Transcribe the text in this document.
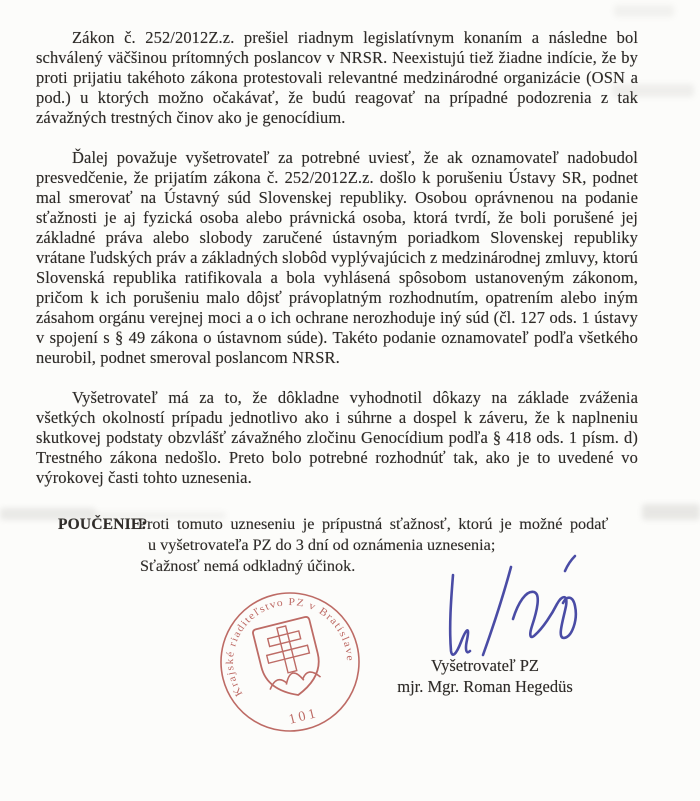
Zákon č. 252/2012Z.z. prešiel riadnym legislatívnym konaním a následne bol schválený väčšinou prítomných poslancov v NRSR. Neexistujú tiež žiadne indície, že by proti prijatiu takéhoto zákona protestovali relevantné medzinárodné organizácie (OSN a pod.) u ktorých možno očakávať, že budú reagovať na prípadné podozrenia z tak závažných trestných činov ako je genocídium.

Ďalej považuje vyšetrovateľ za potrebné uviesť, že ak oznamovateľ nadobudol presvedčenie, že prijatím zákona č. 252/2012Z.z. došlo k porušeniu Ústavy SR, podnet mal smerovať na Ústavný súd Slovenskej republiky. Osobou oprávnenou na podanie sťažnosti je aj fyzická osoba alebo právnická osoba, ktorá tvrdí, že boli porušené jej základné práva alebo slobody zaručené ústavným poriadkom Slovenskej republiky vrátane ľudských práv a základných slobôd vyplývajúcich z medzinárodnej zmluvy, ktorú Slovenská republika ratifikovala a bola vyhlásená spôsobom ustanoveným zákonom, pričom k ich porušeniu malo dôjsť právoplatným rozhodnutím, opatrením alebo iným zásahom orgánu verejnej moci a o ich ochrane nerozhoduje iný súd (čl. 127 ods. 1 ústavy v spojení s § 49 zákona o ústavnom súde). Takéto podanie oznamovateľ podľa všetkého neurobil, podnet smeroval poslancom NRSR.

Vyšetrovateľ má za to, že dôkladne vyhodnotil dôkazy na základe zváženia všetkých okolností prípadu jednotlivo ako i súhrne a dospel k záveru, že k naplneniu skutkovej podstaty obzvlášť závažného zločinu Genocídium podľa § 418 ods. 1 písm. d) Trestného zákona nedošlo. Preto bolo potrebné rozhodnúť tak, ako je to uvedené vo výrokovej časti tohto uznesenia.

POUČENIE:
Proti tomuto uzneseniu je prípustná sťažnosť, ktorú je možné podať
u vyšetrovateľa PZ do 3 dní od oznámenia uznesenia;
Sťažnosť nemá odkladný účinok.
Krajské riaditeľstvo PZ v Bratislave
101
Vyšetrovateľ PZ
mjr. Mgr. Roman Hegedüs
